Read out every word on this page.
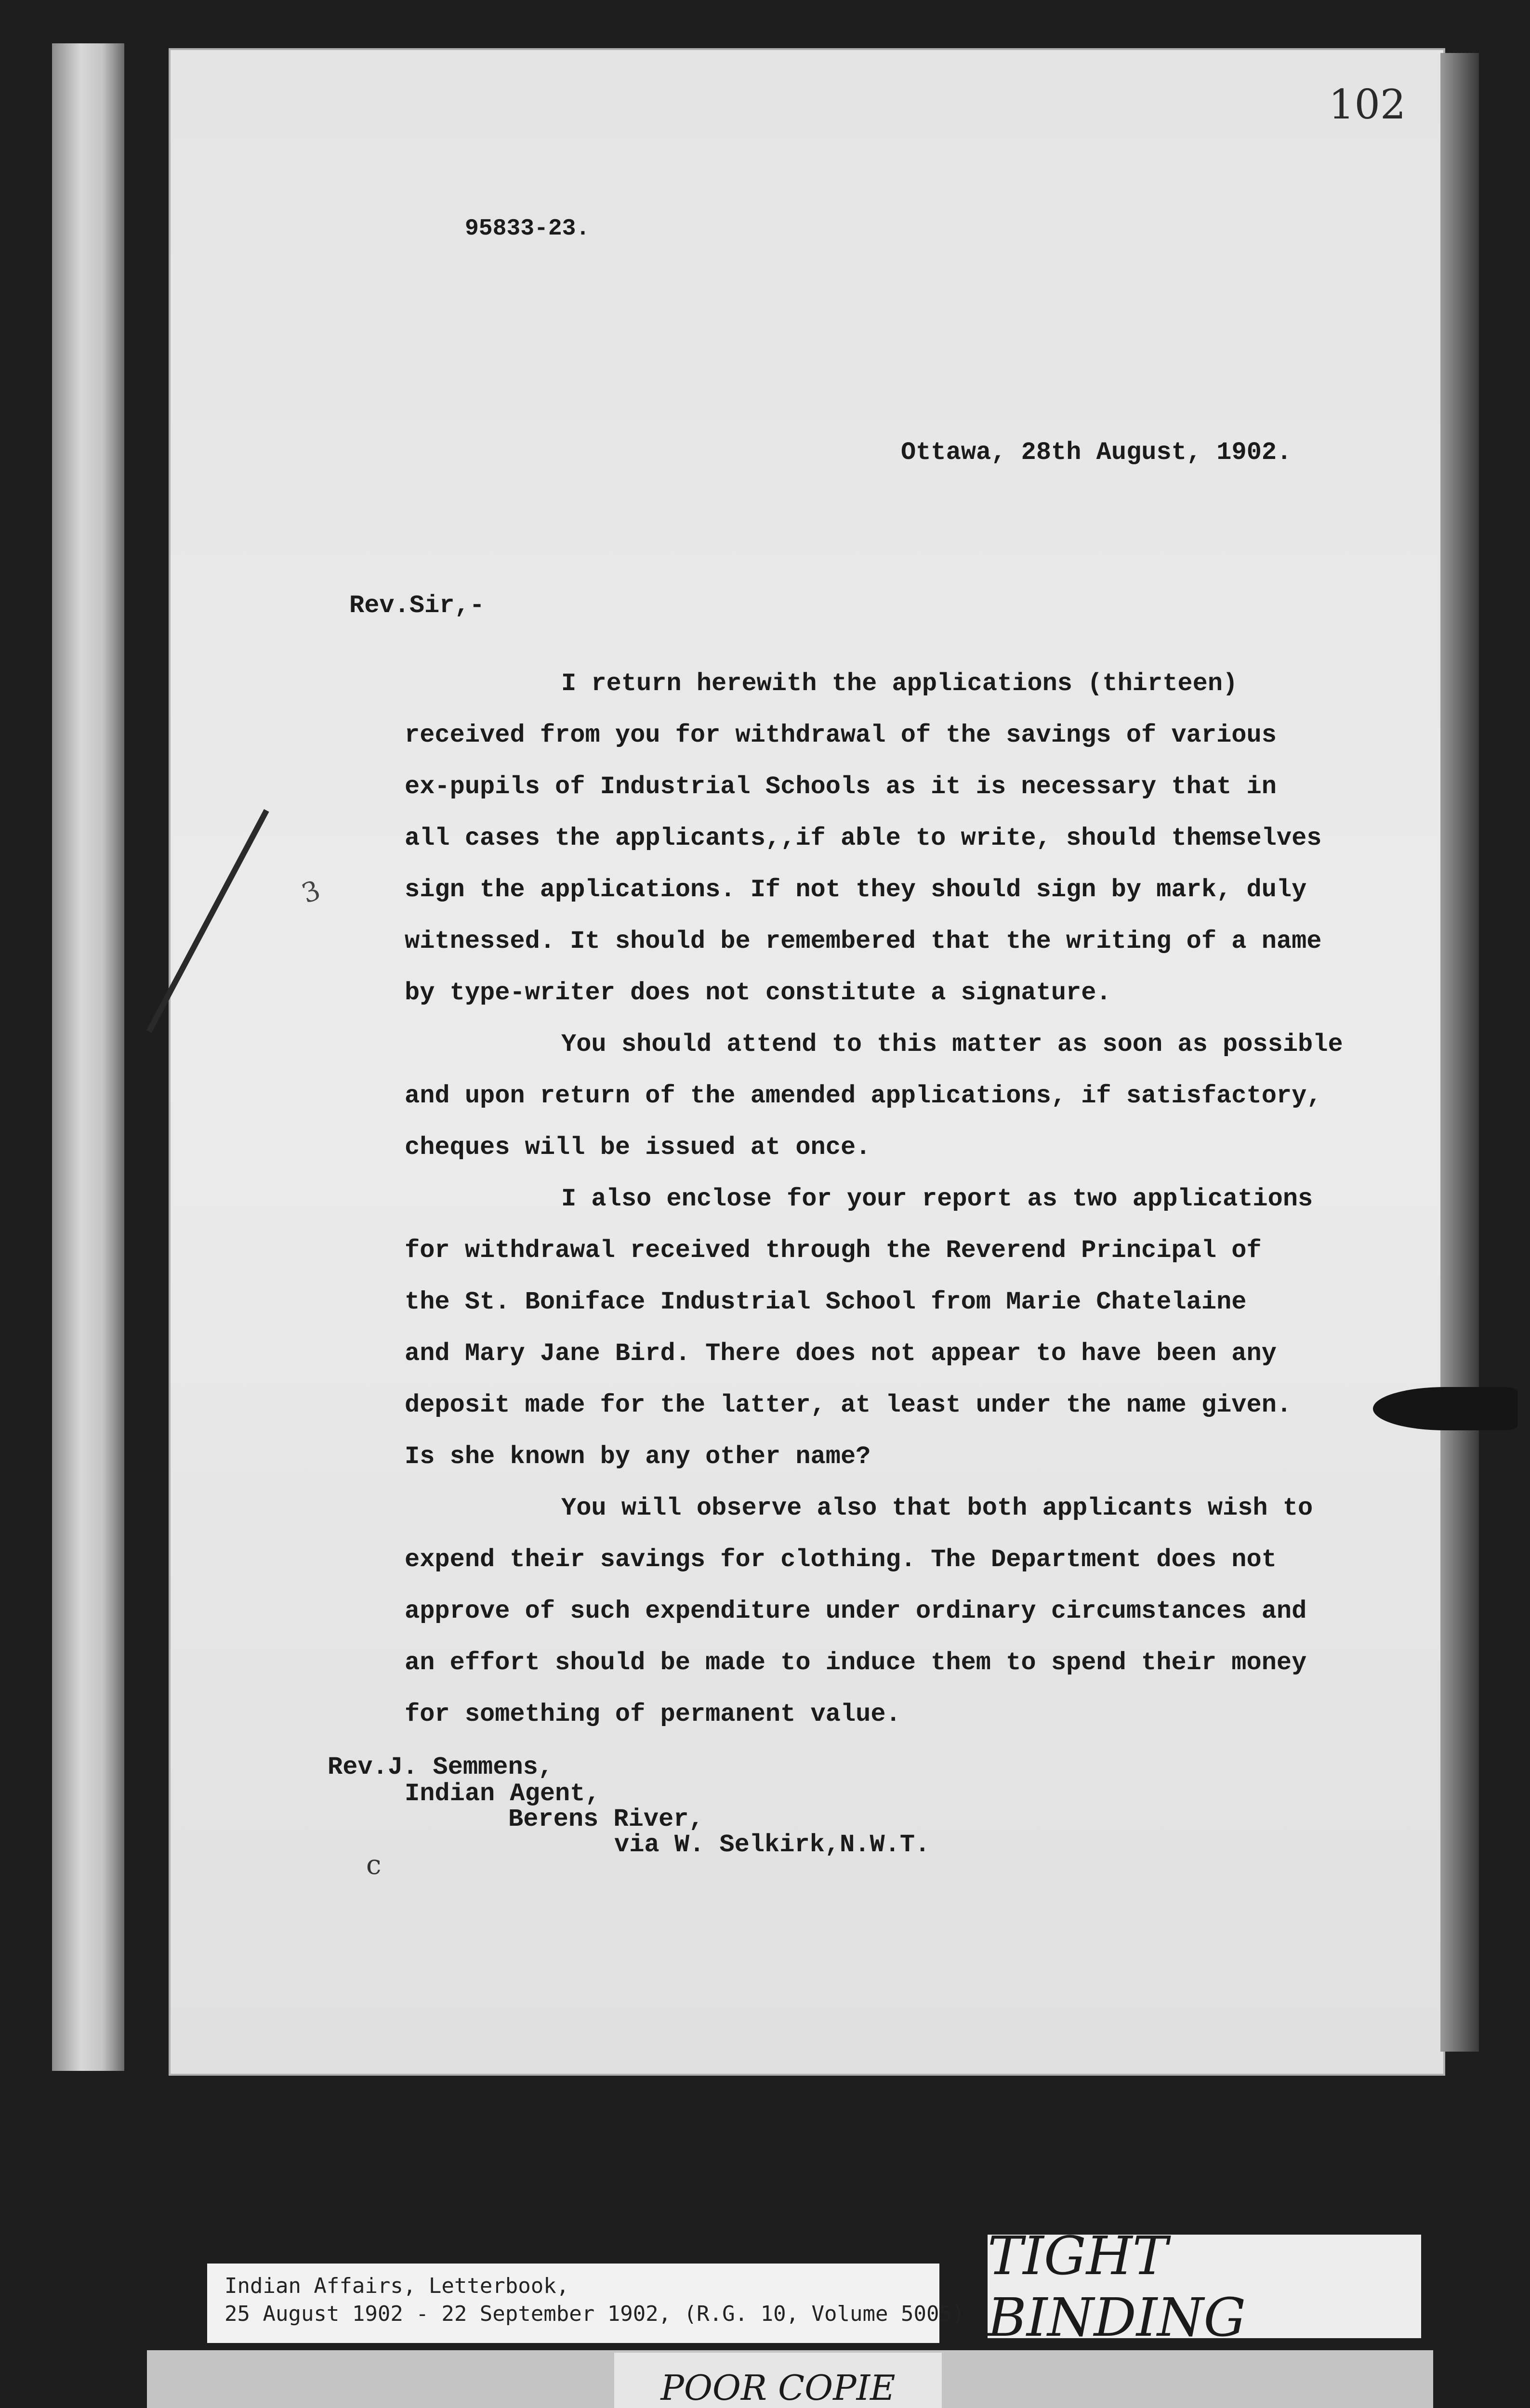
102
95833-23.
Ottawa, 28th August, 1902.
Rev.Sir,-
I return herewith the applications (thirteen)
received from you for withdrawal of the savings of various
ex-pupils of Industrial Schools as it is necessary that in
all cases the applicants,,if able to write, should themselves
sign the applications. If not they should sign by mark, duly
witnessed. It should be remembered that the writing of a name
by type-writer does not constitute a signature.
You should attend to this matter as soon as possible
and upon return of the amended applications, if satisfactory,
cheques will be issued at once.
I also enclose for your report as two applications
for withdrawal received through the Reverend Principal of
the St. Boniface Industrial School from Marie Chatelaine
and Mary Jane Bird. There does not appear to have been any
deposit made for the latter, at least under the name given.
Is she known by any other name?
You will observe also that both applicants wish to
expend their savings for clothing. The Department does not
approve of such expenditure under ordinary circumstances and
an effort should be made to induce them to spend their money
for something of permanent value.
Rev.J. Semmens,
Indian Agent,
Berens River,
via W. Selkirk,N.W.T.
3
c
Indian Affairs, Letterbook,
25 August 1902 - 22 September 1902, (R.G. 10, Volume 5005)
TIGHT BINDING
POOR COPIE
